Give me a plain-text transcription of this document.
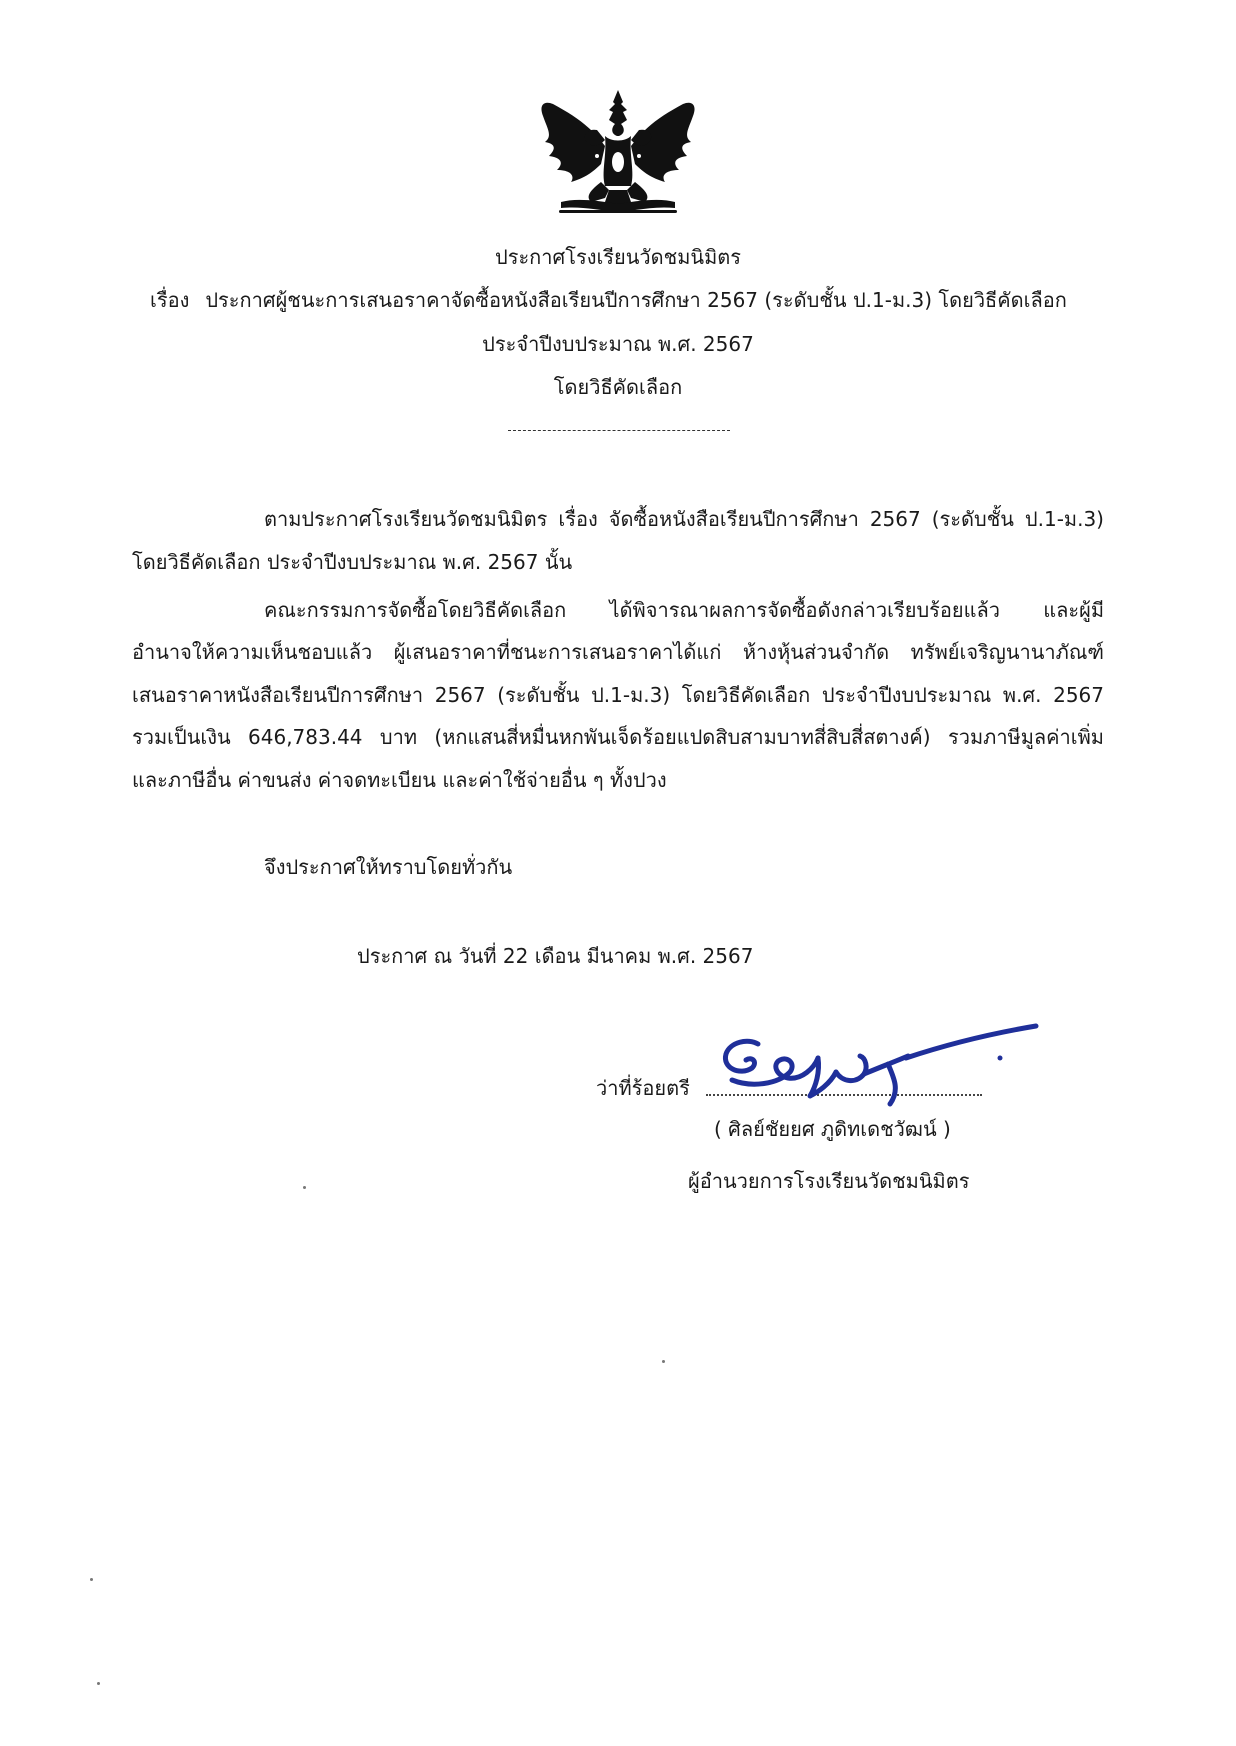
ประกาศโรงเรียนวัดชมนิมิตร
เรื่อง ประกาศผู้ชนะการเสนอราคาจัดซื้อหนังสือเรียนปีการศึกษา 2567 (ระดับชั้น ป.1-ม.3) โดยวิธีคัดเลือก
ประจำปีงบประมาณ พ.ศ. 2567
โดยวิธีคัดเลือก
ตามประกาศโรงเรียนวัดชมนิมิตร เรื่อง จัดซื้อหนังสือเรียนปีการศึกษา 2567 (ระดับชั้น ป.1-ม.3)
โดยวิธีคัดเลือก ประจำปีงบประมาณ พ.ศ. 2567 นั้น
คณะกรรมการจัดซื้อโดยวิธีคัดเลือก ได้พิจารณาผลการจัดซื้อดังกล่าวเรียบร้อยแล้ว และผู้มี
อำนาจให้ความเห็นชอบแล้ว ผู้เสนอราคาที่ชนะการเสนอราคาได้แก่ ห้างหุ้นส่วนจำกัด ทรัพย์เจริญนานาภัณฑ์
เสนอราคาหนังสือเรียนปีการศึกษา 2567 (ระดับชั้น ป.1-ม.3) โดยวิธีคัดเลือก ประจำปีงบประมาณ พ.ศ. 2567
รวมเป็นเงิน 646,783.44 บาท (หกแสนสี่หมื่นหกพันเจ็ดร้อยแปดสิบสามบาทสี่สิบสี่สตางค์) รวมภาษีมูลค่าเพิ่ม
และภาษีอื่น ค่าขนส่ง ค่าจดทะเบียน และค่าใช้จ่ายอื่น ๆ ทั้งปวง
จึงประกาศให้ทราบโดยทั่วกัน
ประกาศ ณ วันที่ 22 เดือน มีนาคม พ.ศ. 2567
ว่าที่ร้อยตรี
( ศิลย์ชัยยศ ภูดิทเดชวัฒน์ )
ผู้อำนวยการโรงเรียนวัดชมนิมิตร
